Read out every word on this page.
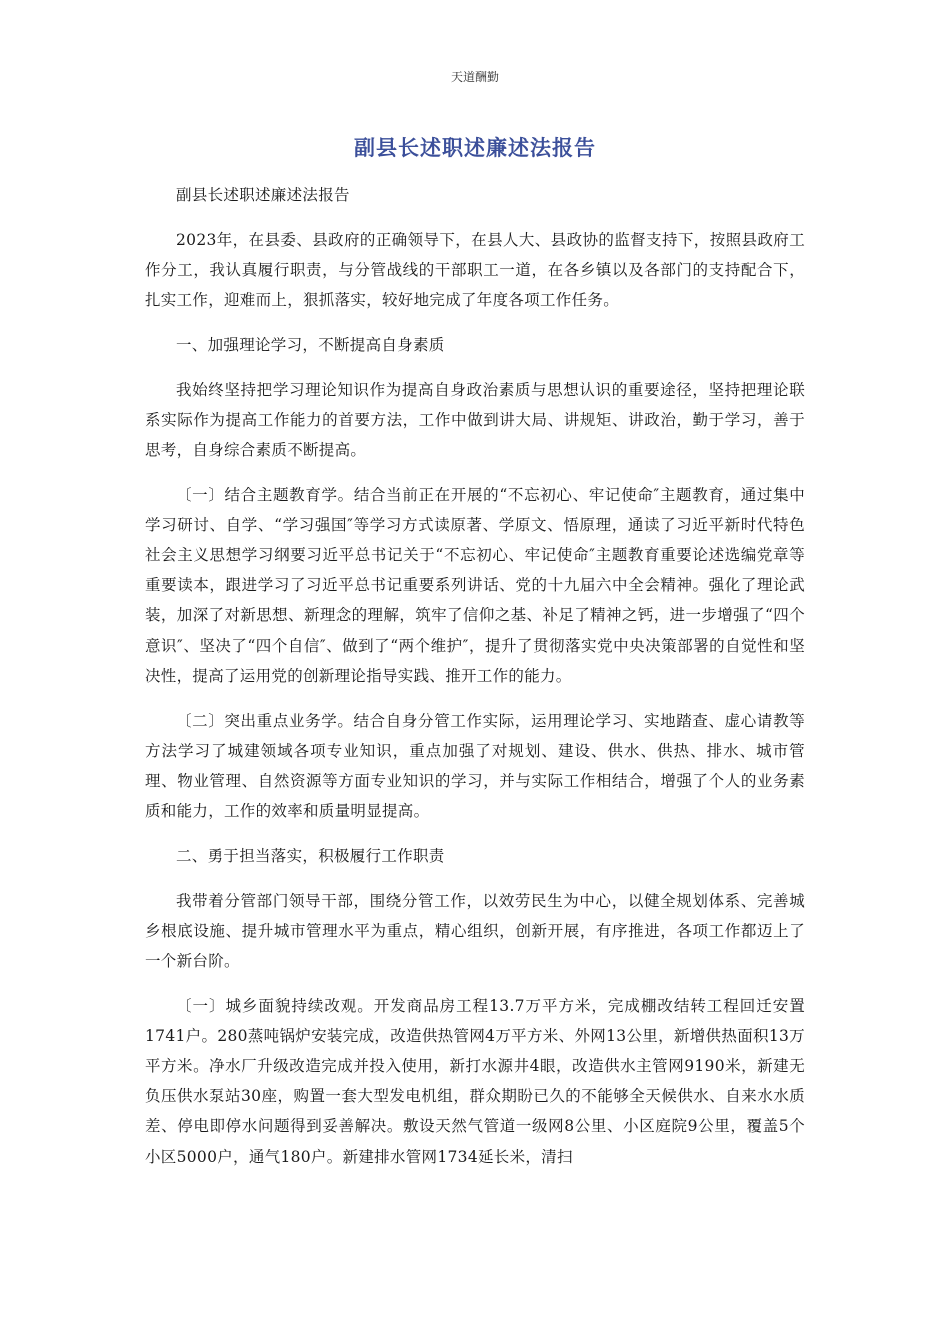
天道酬勤
副县长述职述廉述法报告

副县长述职述廉述法报告

2023年，在县委、县政府的正确领导下，在县人大、县政协的监督支持下，按照县政府工作分工，我认真履行职责，与分管战线的干部职工一道，在各乡镇以及各部门的支持配合下，扎实工作，迎难而上，狠抓落实，较好地完成了年度各项工作任务。

一、加强理论学习，不断提高自身素质

我始终坚持把学习理论知识作为提高自身政治素质与思想认识的重要途径，坚持把理论联系实际作为提高工作能力的首要方法，工作中做到讲大局、讲规矩、讲政治，勤于学习，善于思考，自身综合素质不断提高。

〔一〕结合主题教育学。结合当前正在开展的“不忘初心、牢记使命″主题教育，通过集中学习研讨、自学、“学习强国″等学习方式读原著、学原文、悟原理，通读了习近平新时代特色社会主义思想学习纲要习近平总书记关于“不忘初心、牢记使命″主题教育重要论述选编党章等重要读本，跟进学习了习近平总书记重要系列讲话、党的十九届六中全会精神。强化了理论武装，加深了对新思想、新理念的理解，筑牢了信仰之基、补足了精神之钙，进一步增强了“四个意识″、坚决了“四个自信″、做到了“两个维护″，提升了贯彻落实党中央决策部署的自觉性和坚决性，提高了运用党的创新理论指导实践、推开工作的能力。

〔二〕突出重点业务学。结合自身分管工作实际，运用理论学习、实地踏查、虚心请教等方法学习了城建领域各项专业知识，重点加强了对规划、建设、供水、供热、排水、城市管理、物业管理、自然资源等方面专业知识的学习，并与实际工作相结合，增强了个人的业务素质和能力，工作的效率和质量明显提高。

二、勇于担当落实，积极履行工作职责

我带着分管部门领导干部，围绕分管工作，以效劳民生为中心，以健全规划体系、完善城乡根底设施、提升城市管理水平为重点，精心组织，创新开展，有序推进，各项工作都迈上了一个新台阶。

〔一〕城乡面貌持续改观。开发商品房工程13.7万平方米，完成棚改结转工程回迁安置1741户。280蒸吨锅炉安装完成，改造供热管网4万平方米、外网13公里，新增供热面积13万平方米。净水厂升级改造完成并投入使用，新打水源井4眼，改造供水主管网9190米，新建无负压供水泵站30座，购置一套大型发电机组，群众期盼已久的不能够全天候供水、自来水水质差、停电即停水问题得到妥善解决。敷设天然气管道一级网8公里、小区庭院9公里，覆盖5个小区5000户，通气180户。新建排水管网1734延长米，清扫
